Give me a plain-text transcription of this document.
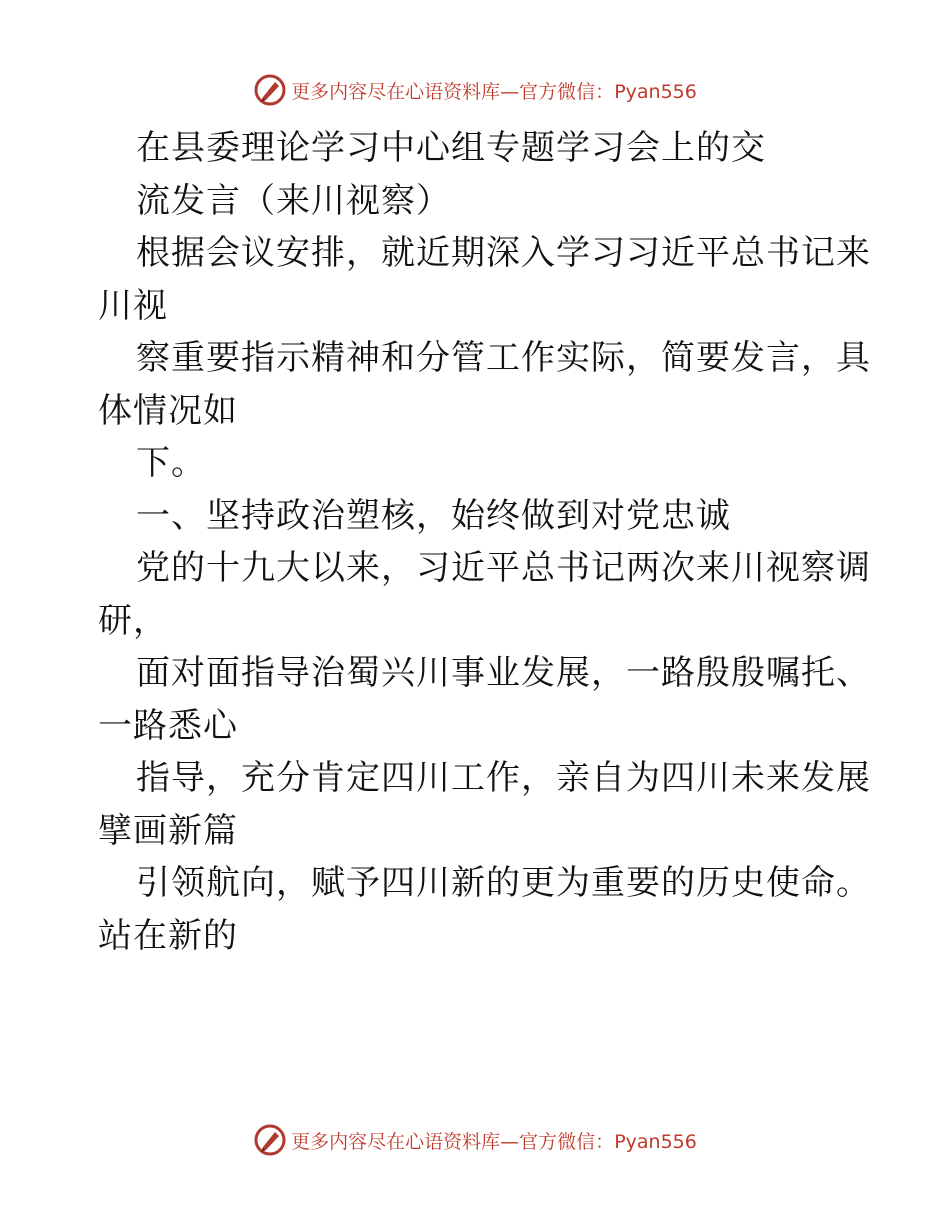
更多内容尽在心语资料库—官方微信：Pyan556
在县委理论学习中心组专题学习会上的交
流发言（来川视察）
根据会议安排，就近期深入学习习近平总书记来
川视
察重要指示精神和分管工作实际，简要发言，具
体情况如
下。
一、坚持政治塑核，始终做到对党忠诚
党的十九大以来，习近平总书记两次来川视察调
研，
面对面指导治蜀兴川事业发展，一路殷殷嘱托、
一路悉心
指导，充分肯定四川工作，亲自为四川未来发展
擘画新篇
引领航向，赋予四川新的更为重要的历史使命。
站在新的
更多内容尽在心语资料库—官方微信：Pyan556
